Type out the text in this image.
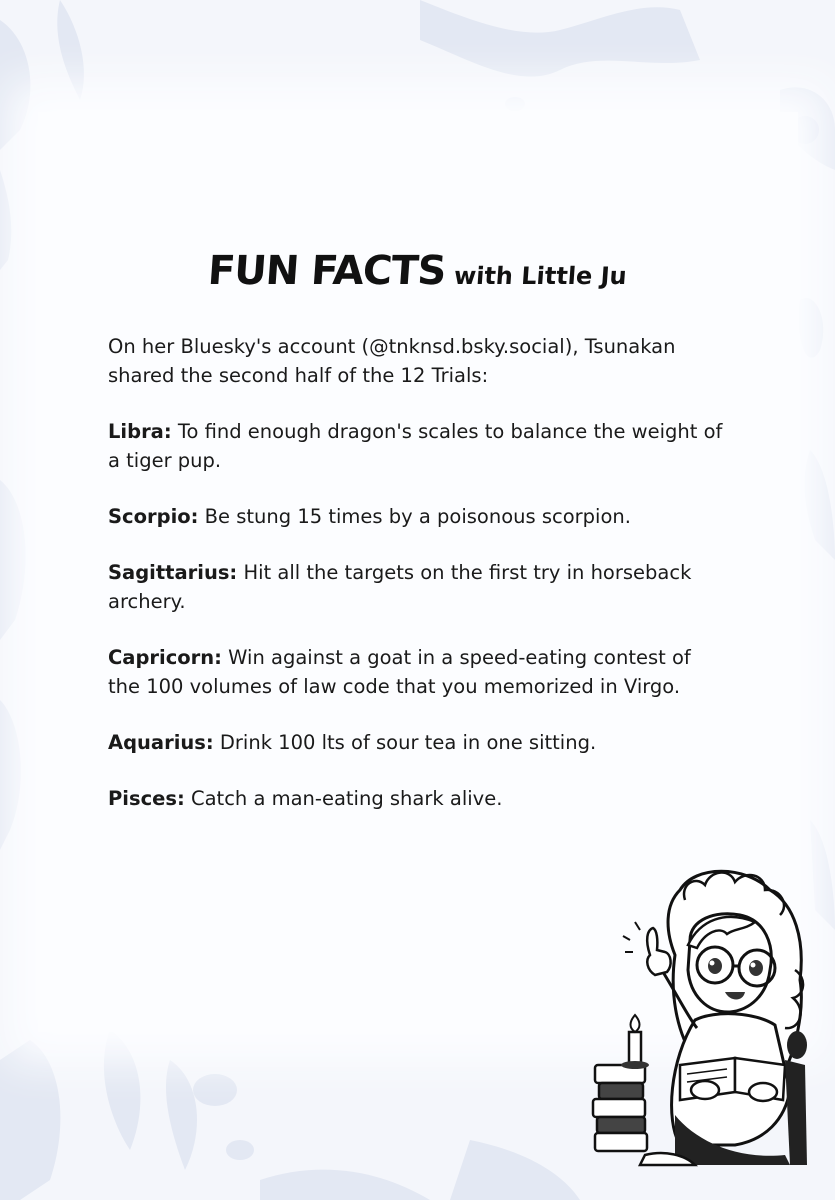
FUN FACTS with Little Ju

On her Bluesky's account (@tnknsd.bsky.social), Tsunakan shared the second half of the 12 Trials:

Libra: To find enough dragon's scales to balance the weight of a tiger pup.

Scorpio: Be stung 15 times by a poisonous scorpion.

Sagittarius: Hit all the targets on the first try in horseback archery.

Capricorn: Win against a goat in a speed-eating contest of the 100 volumes of law code that you memorized in Virgo.

Aquarius: Drink 100 lts of sour tea in one sitting.

Pisces: Catch a man-eating shark alive.
